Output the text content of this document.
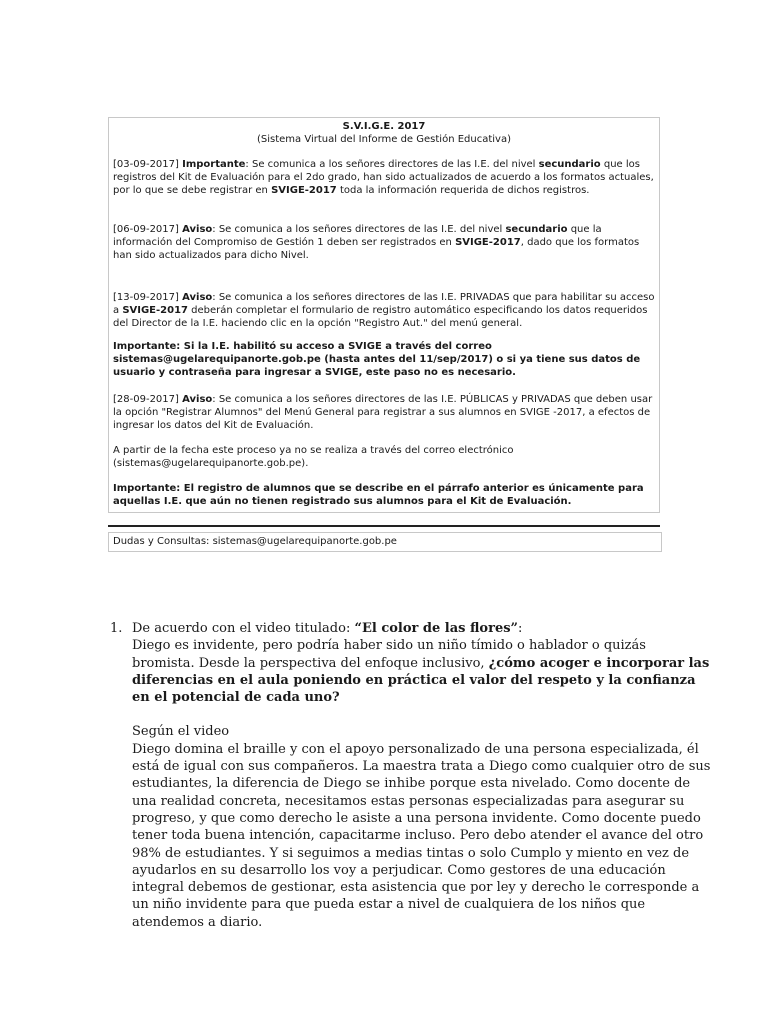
S.V.I.G.E. 2017
(Sistema Virtual del Informe de Gestión Educativa)

[03-09-2017] Importante: Se comunica a los señores directores de las I.E. del nivel secundario que los registros del Kit de Evaluación para el 2do grado, han sido actualizados de acuerdo a los formatos actuales, por lo que se debe registrar en SVIGE-2017 toda la información requerida de dichos registros.

[06-09-2017] Aviso: Se comunica a los señores directores de las I.E. del nivel secundario que la información del Compromiso de Gestión 1 deben ser registrados en SVIGE-2017, dado que los formatos han sido actualizados para dicho Nivel.

[13-09-2017] Aviso: Se comunica a los señores directores de las I.E. PRIVADAS que para habilitar su acceso a SVIGE-2017 deberán completar el formulario de registro automático especificando los datos requeridos del Director de la I.E. haciendo clic en la opción "Registro Aut." del menú general.

Importante: Si la I.E. habilitó su acceso a SVIGE a través del correo sistemas@ugelarequipanorte.gob.pe (hasta antes del 11/sep/2017) o si ya tiene sus datos de usuario y contraseña para ingresar a SVIGE, este paso no es necesario.

[28-09-2017] Aviso: Se comunica a los señores directores de las I.E. PÚBLICAS y PRIVADAS que deben usar la opción "Registrar Alumnos" del Menú General para registrar a sus alumnos en SVIGE -2017, a efectos de ingresar los datos del Kit de Evaluación.

A partir de la fecha este proceso ya no se realiza a través del correo electrónico (sistemas@ugelarequipanorte.gob.pe).

Importante: El registro de alumnos que se describe en el párrafo anterior es únicamente para aquellas I.E. que aún no tienen registrado sus alumnos para el Kit de Evaluación.

Dudas y Consultas: sistemas@ugelarequipanorte.gob.pe
1. De acuerdo con el video titulado: “El color de las flores”:

Diego es invidente, pero podría haber sido un niño tímido o hablador o quizás bromista. Desde la perspectiva del enfoque inclusivo, ¿cómo acoger e incorporar las diferencias en el aula poniendo en práctica el valor del respeto y la confianza en el potencial de cada uno?

Según el video

Diego domina el braille y con el apoyo personalizado de una persona especializada, él está de igual con sus compañeros. La maestra trata a Diego como cualquier otro de sus estudiantes, la diferencia de Diego se inhibe porque esta nivelado. Como docente de una realidad concreta, necesitamos estas personas especializadas para asegurar su progreso, y que como derecho le asiste a una persona invidente. Como docente puedo tener toda buena intención, capacitarme incluso. Pero debo atender el avance del otro 98% de estudiantes. Y si seguimos a medias tintas o solo Cumplo y miento en vez de ayudarlos en su desarrollo los voy a perjudicar. Como gestores de una educación integral debemos de gestionar, esta asistencia que por ley y derecho le corresponde a un niño invidente para que pueda estar a nivel de cualquiera de los niños que atendemos a diario.
